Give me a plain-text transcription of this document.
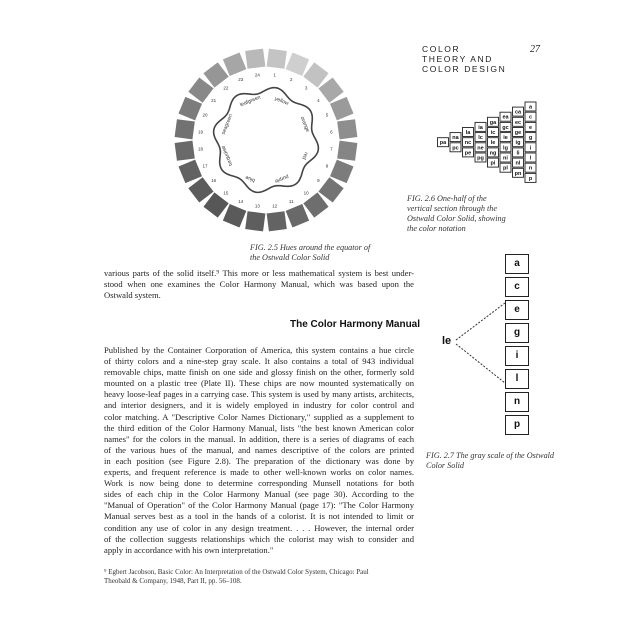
COLOR
THEORY AND
COLOR DESIGN
27
24	1
2
3
4
5
6
7
8
9
10
11
12
13
14
15
16
17
18
19
20
21
22
23
leafgreen yellow
orange
red
purple
blue
turquoise
seagreen
FIG. 2.5 Hues around the equator of
the Ostwald Color Solid
a
c
e
g
i
l
n
p
ca
ec
ge
ig
li
nl
pn
ea
gc
ie
lg
ni
pl
ga
ic
le
ng
pi
ia
lc
ne
pg
la
nc
pe
na
pc
pa
FIG. 2.6 One-half of the
vertical section through the
Ostwald Color Solid, showing
the color notation
le
a
c
e
g
i
l
n
p
FIG. 2.7 The gray scale of the Ostwald
Color Solid
various parts of the solid itself.⁹ This more or less mathematical system is best under-
stood when one examines the Color Harmony Manual, which was based upon the
Ostwald system.
The Color Harmony Manual
Published by the Container Corporation of America, this system contains a hue circle
of thirty colors and a nine-step gray scale. It also contains a total of 943 individual
removable chips, matte finish on one side and glossy finish on the other, formerly sold
mounted on a plastic tree (Plate II). These chips are now mounted systematically on
heavy loose-leaf pages in a carrying case. This system is used by many artists, architects,
and interior designers, and it is widely employed in industry for color control and
color matching. A "Descriptive Color Names Dictionary," supplied as a supplement to
the third edition of the Color Harmony Manual, lists "the best known American color
names" for the colors in the manual. In addition, there is a series of diagrams of each
of the various hues of the manual, and names descriptive of the colors are printed
in each position (see Figure 2.8). The preparation of the dictionary was done by
experts, and frequent reference is made to other well-known works on color names.
Work is now being done to determine corresponding Munsell notations for both
sides of each chip in the Color Harmony Manual (see page 30). According to the
"Manual of Operation" of the Color Harmony Manual (page 17): "The Color Harmony
Manual serves best as a tool in the hands of a colorist. It is not intended to limit or
condition any use of color in any design treatment. . . . However, the internal order
of the collection suggests relationships which the colorist may wish to consider and
apply in accordance with his own interpretation."
⁹ Egbert Jacobson, Basic Color: An Interpretation of the Ostwald Color System, Chicago: Paul
Theobald & Company, 1948, Part II, pp. 56–108.
